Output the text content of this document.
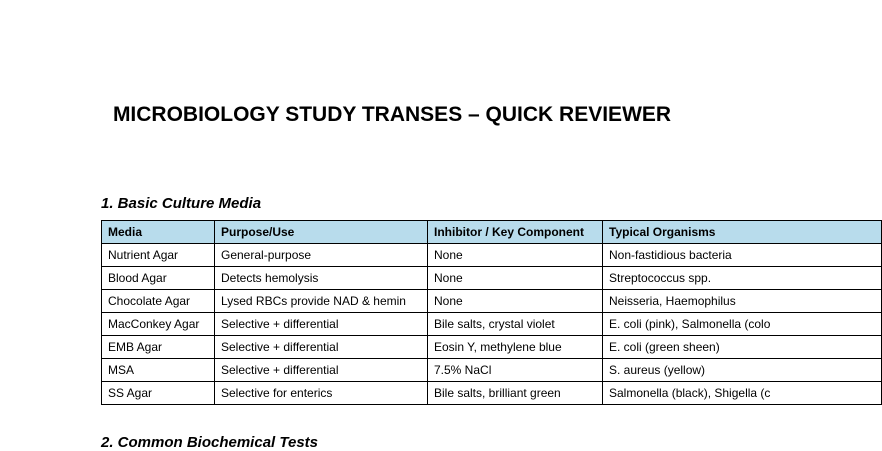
MICROBIOLOGY STUDY TRANSES – QUICK REVIEWER
1. Basic Culture Media
Media	Purpose/Use	Inhibitor / Key Component	Typical Organisms
Nutrient Agar	General-purpose	None	Non-fastidious bacteria
Blood Agar	Detects hemolysis	None	Streptococcus spp.
Chocolate Agar	Lysed RBCs provide NAD & hemin	None	Neisseria, Haemophilus
MacConkey Agar	Selective + differential	Bile salts, crystal violet	E. coli (pink), Salmonella (colo
EMB Agar	Selective + differential	Eosin Y, methylene blue	E. coli (green sheen)
MSA	Selective + differential	7.5% NaCl	S. aureus (yellow)
SS Agar	Selective for enterics	Bile salts, brilliant green	Salmonella (black), Shigella (c
2. Common Biochemical Tests
